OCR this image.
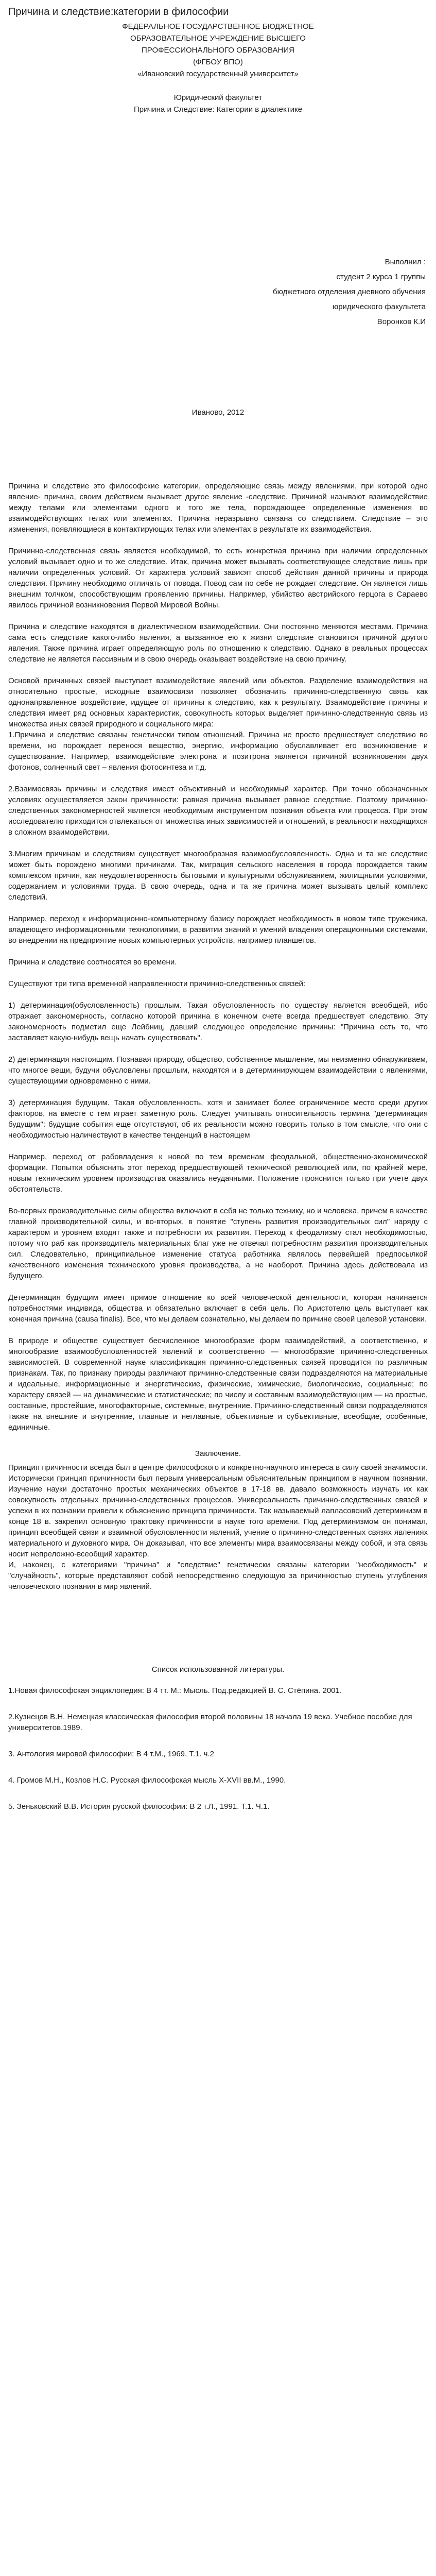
Причина и следствие:категории в философии

ФЕДЕРАЛЬНОЕ ГОСУДАРСТВЕННОЕ БЮДЖЕТНОЕ

ОБРАЗОВАТЕЛЬНОЕ УЧРЕЖДЕНИЕ ВЫСШЕГО

ПРОФЕССИОНАЛЬНОГО ОБРАЗОВАНИЯ

(ФГБОУ ВПО)

«Ивановский государственный университет»

Юридический факультет

Причина и Следствие: Категории в диалектике

Выполнил :

студент 2 курса 1 группы

бюджетного отделения дневного обучения

юридического факультета

Воронков К.И

Иваново, 2012

Причина и следствие это философские категории, определяющие связь между явлениями, при которой одно явление- причина, своим действием вызывает другое явление -следствие. Причиной называют взаимодействие между телами или элементами одного и того же тела, порождающее определенные изменения во взаимодействующих телах или элементах. Причина неразрывно связана со следствием. Следствие – это изменения, появляющиеся в контактирующих телах или элементах в результате их взаимодействия.

Причинно-следственная связь является необходимой, то есть конкретная причина при наличии определенных условий вызывает одно и то же следствие. Итак, причина может вызывать соответствующее следствие лишь при наличии определенных условий. От характера условий зависят способ действия данной причины и природа следствия. Причину необходимо отличать от повода. Повод сам по себе не рождает следствие. Он является лишь внешним толчком, способствующим проявлению причины. Например, убийство австрийского герцога в Сараево явилось причиной возникновения Первой Мировой Войны.

Причина и следствие находятся в диалектическом взаимодействии. Они постоянно меняются местами. Причина сама есть следствие какого-либо явления, а вызванное ею к жизни следствие становится причиной другого явления. Также причина играет определяющую роль по отношению к следствию. Однако в реальных процессах следствие не является пассивным и в свою очередь оказывает воздействие на свою причину.

Основой причинных связей выступает взаимодействие явлений или объектов. Разделение взаимодействия на относительно простые, исходные взаимосвязи позволяет обозначить причинно-следственную связь как однонаправленное воздействие, идущее от причины к следствию, как к результату. Взаимодействие причины и следствия имеет ряд основных характеристик, совокупность которых выделяет причинно-следственную связь из множества иных связей природного и социального мира:

1.Причина и следствие связаны генетически типом отношений. Причина не просто предшествует следствию во времени, но порождает перенося вещество, энергию, информацию обуславливает его возникновение и существование. Например, взаимодействие электрона и позитрона является причиной возникновения двух фотонов, солнечный свет – явления фотосинтеза и т.д.

2.Взаимосвязь причины и следствия имеет объективный и необходимый характер. При точно обозначенных условиях осуществляется закон причинности: равная причина вызывает равное следствие. Поэтому причинно-следственных закономерностей является необходимым инструментом познания объекта или процесса. При этом исследователю приходится отвлекаться от множества иных зависимостей и отношений, в реальности находящихся в сложном взаимодействии.

3.Многим причинам и следствиям существует многообразная взаимообусловленность. Одна и та же следствие может быть порождено многими причинами. Так, миграция сельского населения в города порождается таким комплексом причин, как неудовлетворенность бытовыми и культурными обслуживанием, жилищными условиями, содержанием и условиями труда. В свою очередь, одна и та же причина может вызывать целый комплекс следствий.

Например, переход к информационно-компьютерному базису порождает необходимость в новом типе труженика, владеющего информационными технологиями, в развитии знаний и умений владения операционными системами, во внедрении на предприятие новых компьютерных устройств, например планшетов.

Причина и следствие соотносятся во времени.

Существуют три типа временной направленности причинно-следственных связей:

1) детерминация(обусловленность) прошлым. Такая обусловленность по существу является всеобщей, ибо отражает закономерность, согласно которой причина в конечном счете всегда предшествует следствию. Эту закономерность подметил еще Лейбниц, давший следующее определение причины: "Причина есть то, что заставляет какую-нибудь вещь начать существовать".

2) детерминация настоящим. Познавая природу, общество, собственное мышление, мы неизменно обнаруживаем, что многое вещи, будучи обусловлены прошлым, находятся и в детерминирующем взаимодействии с явлениями, существующими одновременно с ними.

3) детерминация будущим. Такая обусловленность, хотя и занимает более ограниченное место среди других факторов, на вместе с тем играет заметную роль. Следует учитывать относительность термина "детерминация будущим": будущие события еще отсутствуют, об их реальности можно говорить только в том смысле, что они с необходимостью наличествуют в качестве тенденций в настоящем

Например, переход от рабовладения к новой по тем временам феодальной, общественно-экономической формации. Попытки объяснить этот переход предшествующей технической революцией или, по крайней мере, новым техническим уровнем производства оказались неудачными. Положение прояснится только при учете двух обстоятельств.

Во-первых производительные силы общества включают в себя не только технику, но и человека, причем в качестве главной производительной силы, и во-вторых, в понятие "ступень развития производительных сил" наряду с характером и уровнем входят также и потребности их развития. Переход к феодализму стал необходимостью, потому что раб как производитель материальных благ уже не отвечал потребностям развития производительных сил. Следовательно, принципиальное изменение статуса работника являлось первейшей предпосылкой качественного изменения технического уровня производства, а не наоборот. Причина здесь действовала из будущего.

Детерминация будущим имеет прямое отношение ко всей человеческой деятельности, которая начинается потребностями индивида, общества и обязательно включает в себя цель. По Аристотелю цель выступает как конечная причина (causa finalis). Все, что мы делаем сознательно, мы делаем по причине своей целевой установки.

В природе и обществе существует бесчисленное многообразие форм взаимодействий, а соответственно, и многообразие взаимообусловленностей явлений и соответственно — многообразие причинно-следственных зависимостей. В современной науке классификация причинно-следственных связей проводится по различным признакам. Так, по признаку природы различают причинно-следственные связи подразделяются на материальные и идеальные, информационные и энергетические, физические, химические, биологические, социальные; по характеру связей — на динамические и статистические; по числу и составным взаимодействующим — на простые, составные, простейшие, многофакторные, системные, внутренние. Причинно-следственный связи подразделяются также на внешние и внутренние, главные и неглавные, объективные и субъективные, всеобщие, особенные, единичные.

Заключение.

Принцип причинности всегда был в центре философского и конкретно-научного интереса в силу своей значимости. Исторически принцип причинности был первым универсальным объяснительным принципом в научном познании. Изучение науки достаточно простых механических объектов в 17-18 вв. давало возможность изучать их как совокупность отдельных причинно-следственных процессов. Универсальность причинно-следственных связей и успехи в их познании привели к объяснению принципа причинности. Так называемый лапласовский детерминизм в конце 18 в. закрепил основную трактовку причинности в науке того времени. Под детерминизмом он понимал, принцип всеобщей связи и взаимной обусловленности явлений, учение о причинно-следственных связях явлениях материального и духовного мира. Он доказывал, что все элементы мира взаимосвязаны между собой, и эта связь носит непреложно-всеобщий характер.

И, наконец, с категориями "причина" и "следствие" генетически связаны категории "необходимость" и "случайность", которые представляют собой непосредственно следующую за причинностью ступень углубления человеческого познания в мир явлений.

Список использованной литературы.

1.Новая философская энциклопедия: В 4 тт. М.: Мысль. Под.редакцией В. С. Стёпина. 2001.

2.Кузнецов В.Н. Немецкая классическая философия второй половины 18 начала 19 века. Учебное пособие для университетов.1989.

3. Антология мировой философии: В 4 т.М., 1969. Т.1. ч.2

4. Громов М.Н., Козлов Н.С. Русская философская мысль Х-XVII вв.М., 1990.

5. Зеньковский В.В. История русской философии: В 2 т.Л., 1991. Т.1. Ч.1.
